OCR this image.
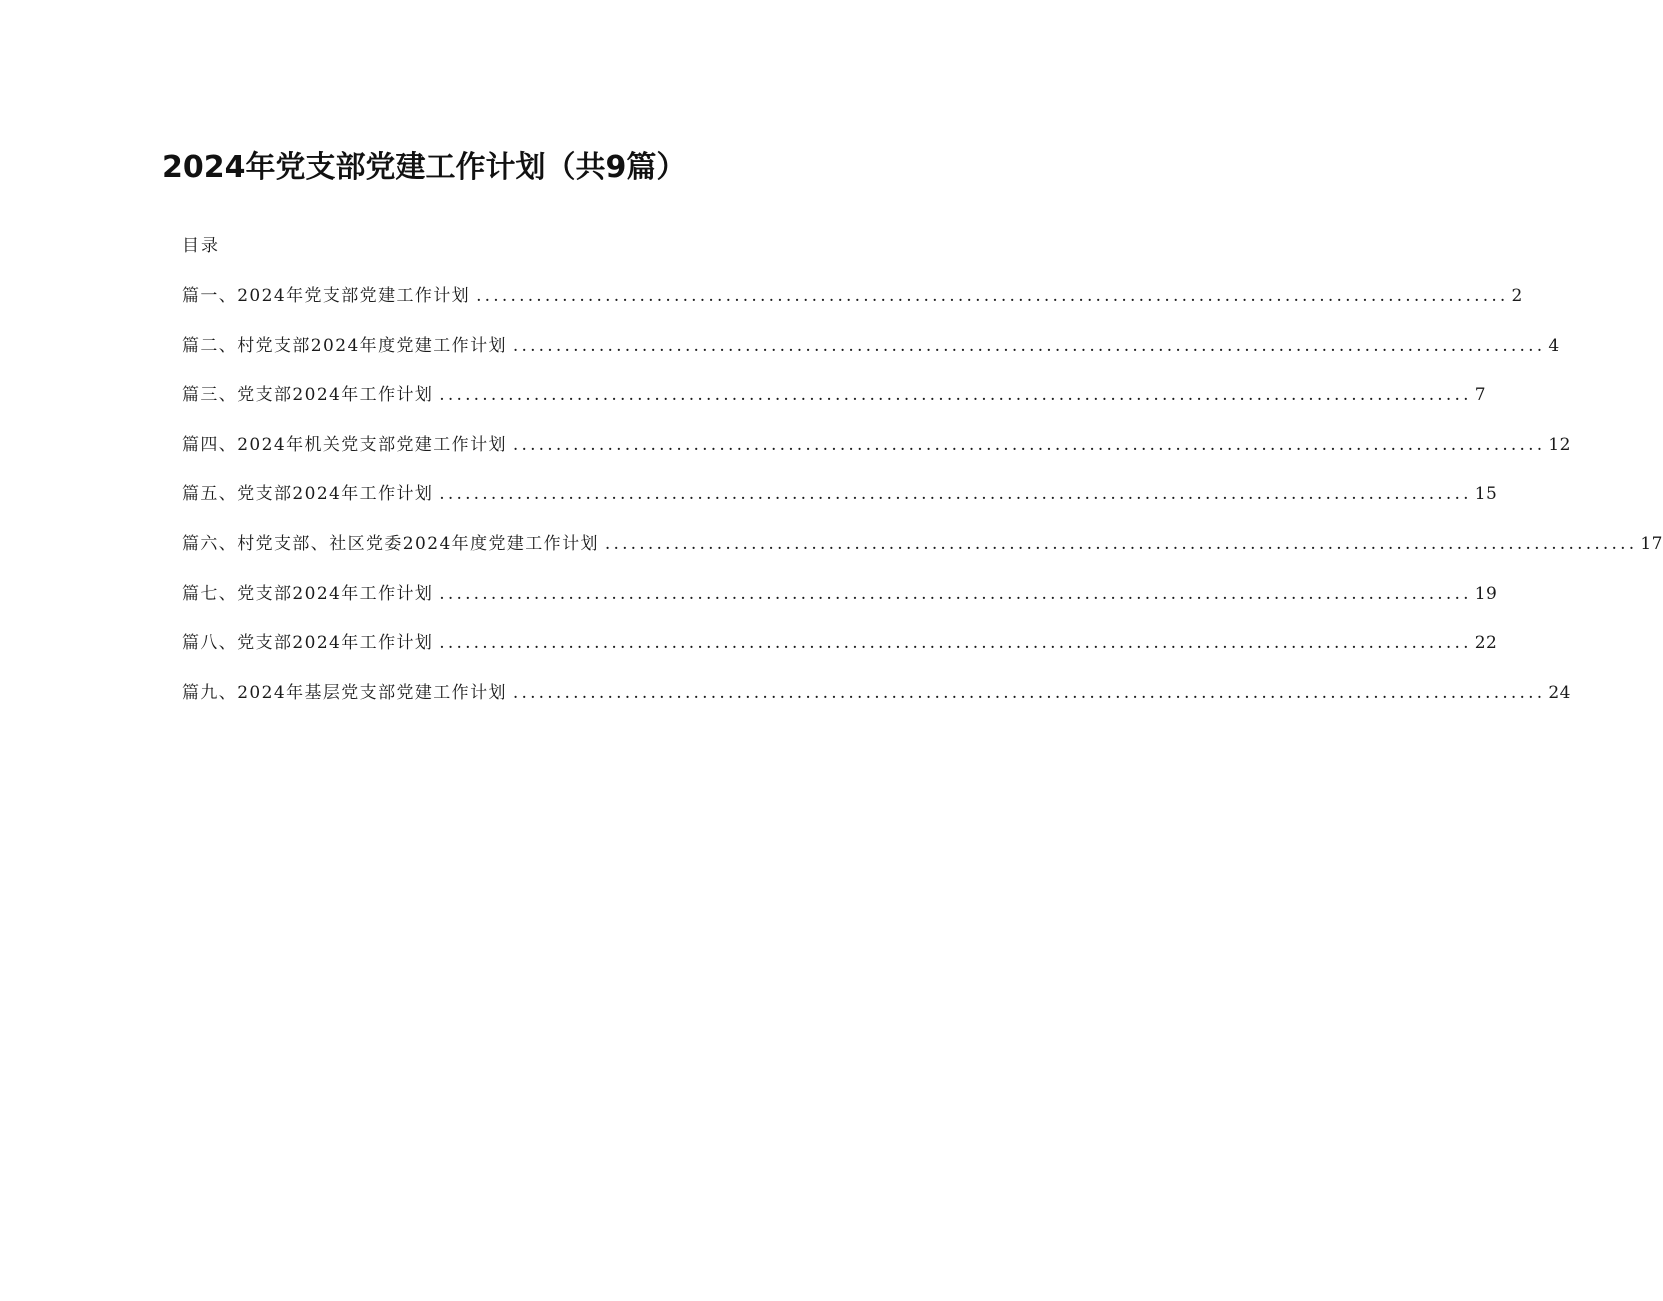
2024年党支部党建工作计划（共9篇）
目录
篇一、2024年党支部党建工作计划 ........................................................................................................................ 2
篇二、村党支部2024年度党建工作计划 ........................................................................................................................ 4
篇三、党支部2024年工作计划 ........................................................................................................................ 7
篇四、2024年机关党支部党建工作计划 ........................................................................................................................ 12
篇五、党支部2024年工作计划 ........................................................................................................................ 15
篇六、村党支部、社区党委2024年度党建工作计划 ........................................................................................................................ 17
篇七、党支部2024年工作计划 ........................................................................................................................ 19
篇八、党支部2024年工作计划 ........................................................................................................................ 22
篇九、2024年基层党支部党建工作计划 ........................................................................................................................ 24
